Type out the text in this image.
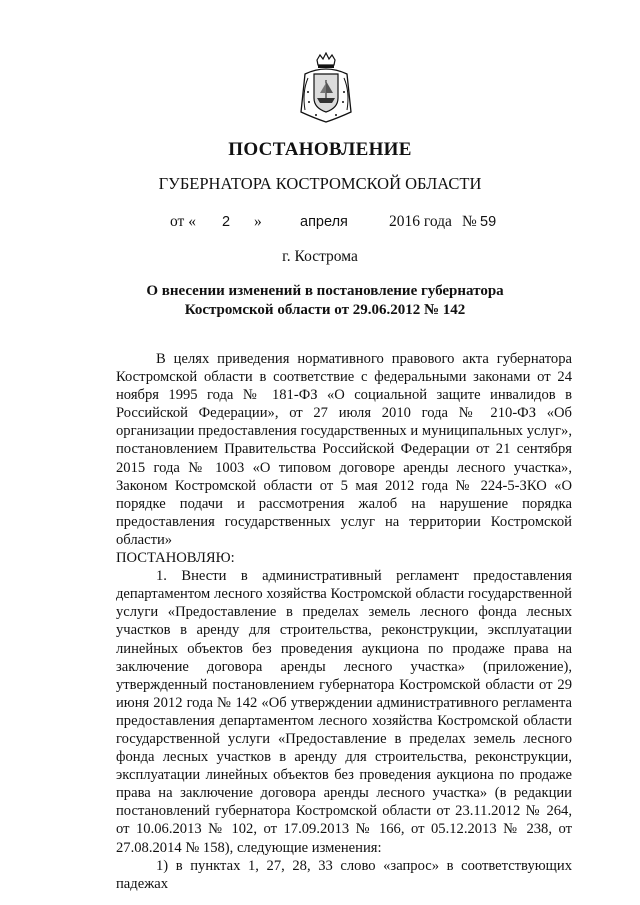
ПОСТАНОВЛЕНИЕ
ГУБЕРНАТОРА КОСТРОМСКОЙ ОБЛАСТИ
от « 2 »	апреля	2016 года № 59
г. Кострома
О внесении изменений в постановление губернатора
Костромской области от 29.06.2012 № 142

В целях приведения нормативного правового акта губернатора Костромской области в соответствие с федеральными законами от 24 ноября 1995 года № 181-ФЗ «О социальной защите инвалидов в Российской Федерации», от 27 июля 2010 года № 210-ФЗ «Об организации предоставления государственных и муниципальных услуг», постановлением Правительства Российской Федерации от 21 сентября 2015 года № 1003 «О типовом договоре аренды лесного участка», Законом Костромской области от 5 мая 2012 года № 224-5-ЗКО «О порядке подачи и рассмотрения жалоб на нарушение порядка предоставления государственных услуг на территории Костромской области»

ПОСТАНОВЛЯЮ:

1. Внести в административный регламент предоставления департаментом лесного хозяйства Костромской области государственной услуги «Предоставление в пределах земель лесного фонда лесных участков в аренду для строительства, реконструкции, эксплуатации линейных объектов без проведения аукциона по продаже права на заключение договора аренды лесного участка» (приложение), утвержденный постановлением губернатора Костромской области от 29 июня 2012 года № 142 «Об утверждении административного регламента предоставления департаментом лесного хозяйства Костромской области государственной услуги «Предоставление в пределах земель лесного фонда лесных участков в аренду для строительства, реконструкции, эксплуатации линейных объектов без проведения аукциона по продаже права на заключение договора аренды лесного участка» (в редакции постановлений губернатора Костромской области от 23.11.2012 № 264, от 10.06.2013 № 102, от 17.09.2013 № 166, от 05.12.2013 № 238, от 27.08.2014 № 158), следующие изменения:

1) в пунктах 1, 27, 28, 33 слово «запрос» в соответствующих падежах
